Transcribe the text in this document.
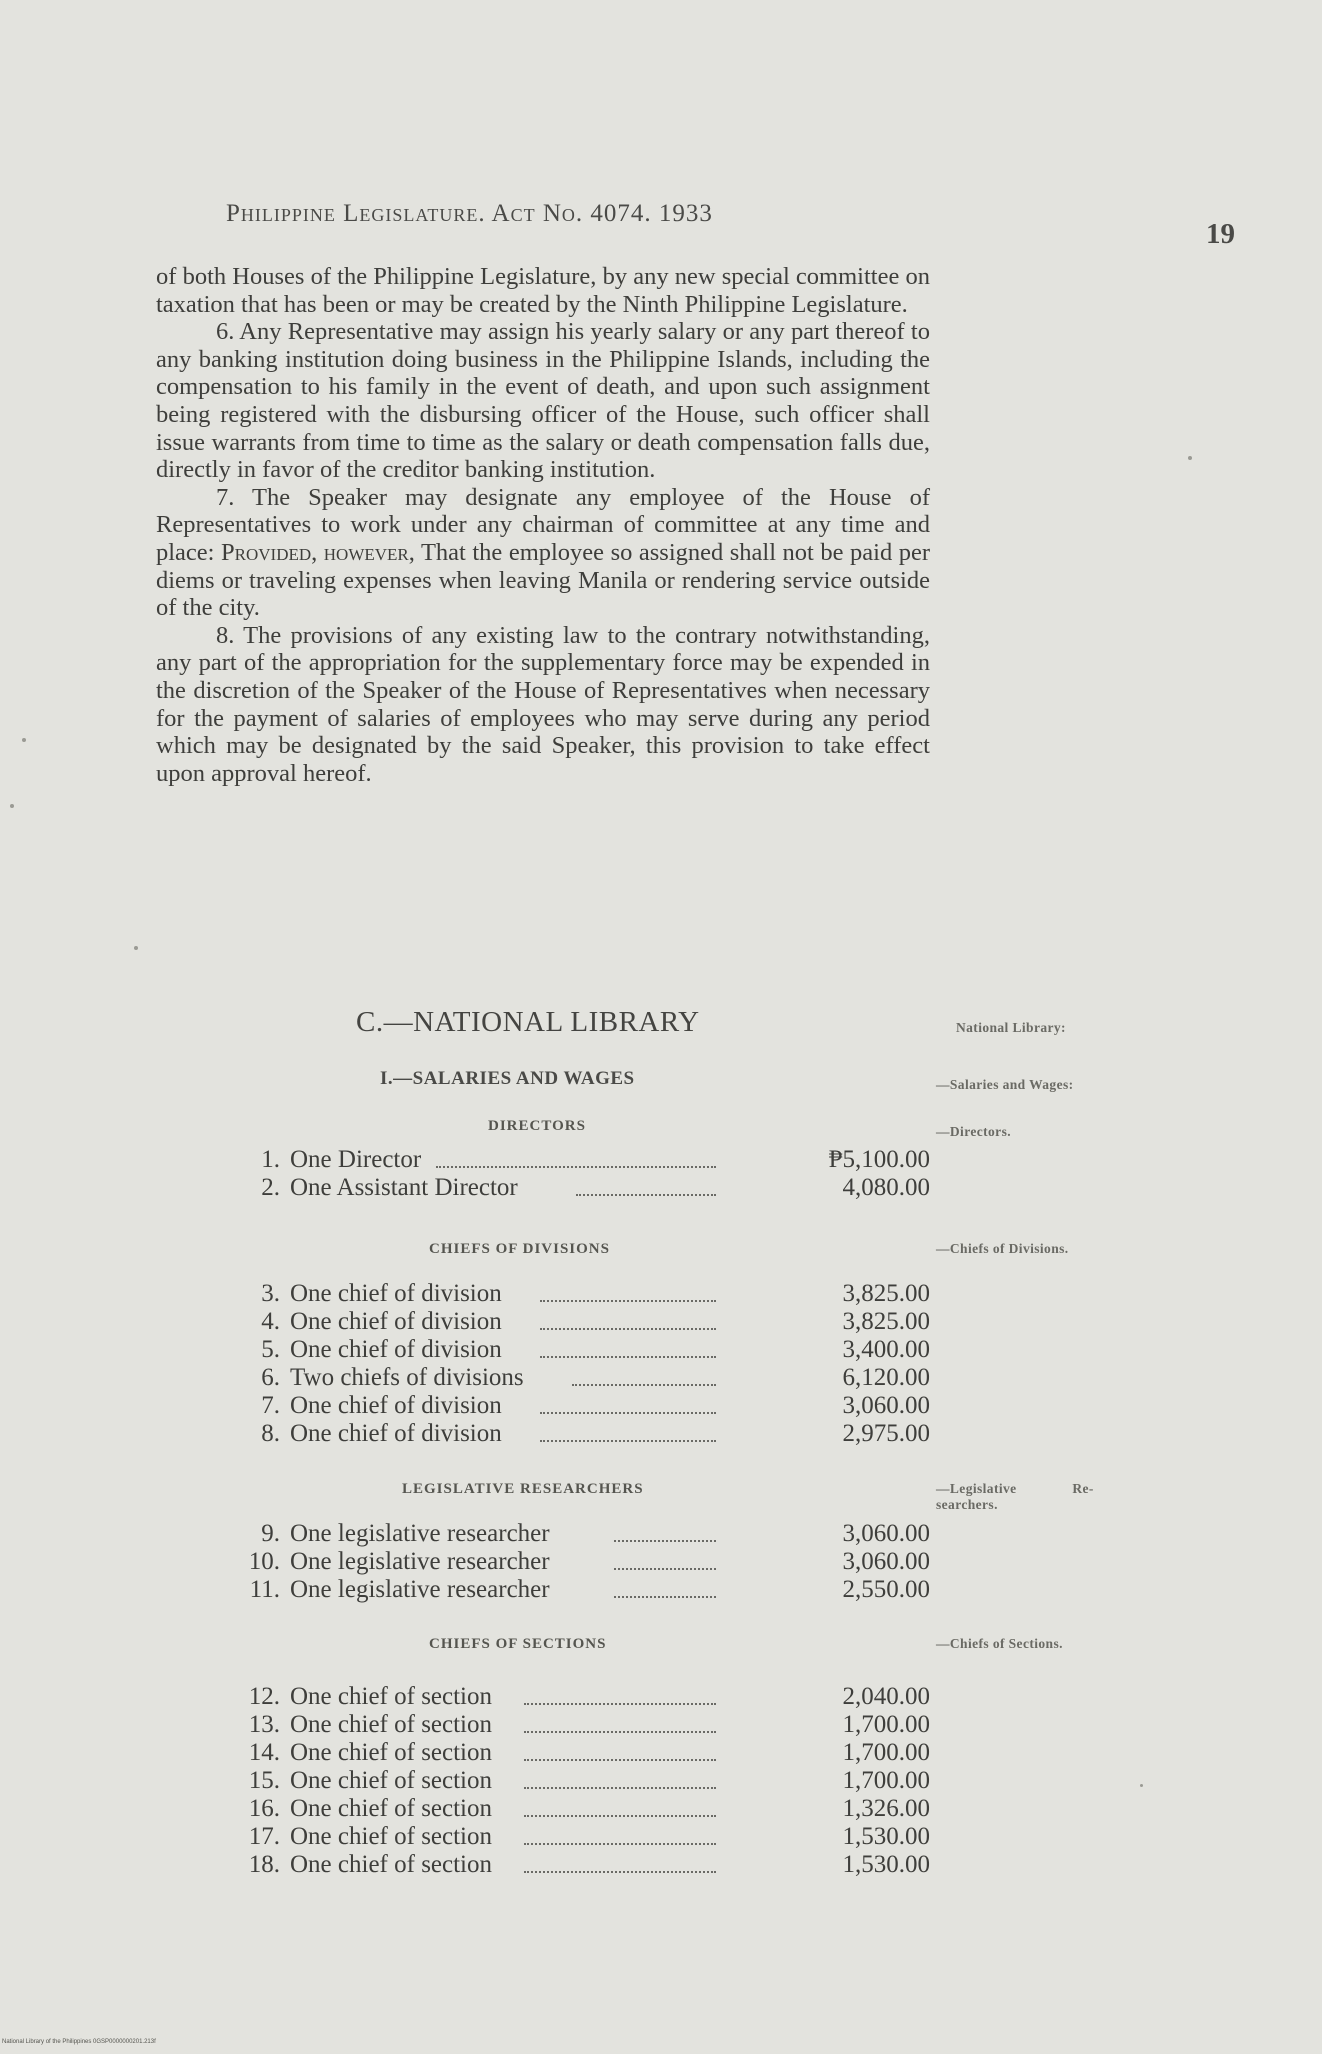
Philippine Legislature. Act No. 4074. 1933
19

of both Houses of the Philippine Legislature, by any new special committee on taxation that has been or may be created by the Ninth Philippine Legislature.

6. Any Representative may assign his yearly salary or any part thereof to any banking institution doing business in the Philippine Islands, including the compensation to his family in the event of death, and upon such assignment being registered with the disbursing officer of the House, such officer shall issue warrants from time to time as the salary or death compensation falls due, directly in favor of the creditor banking institution.

7. The Speaker may designate any employee of the House of Representatives to work under any chairman of committee at any time and place: Provided, however, That the employee so assigned shall not be paid per diems or traveling expenses when leaving Manila or rendering service outside of the city.

8. The provisions of any existing law to the contrary notwithstanding, any part of the appropriation for the supplementary force may be expended in the discretion of the Speaker of the House of Representatives when necessary for the payment of salaries of employees who may serve during any period which may be designated by the said Speaker, this provision to take effect upon approval hereof.

C.—NATIONAL LIBRARY	National Library:
I.—SALARIES AND WAGES	—Salaries and Wages:
DIRECTORS	—Directors.
1. One Director	₱5,100.00
2. One Assistant Director	4,080.00
CHIEFS OF DIVISIONS	—Chiefs of Divisions.
3. One chief of division	3,825.00
4. One chief of division	3,825.00
5. One chief of division	3,400.00
6. Two chiefs of divisions	6,120.00
7. One chief of division	3,060.00
8. One chief of division	2,975.00
LEGISLATIVE RESEARCHERS	—Legislative Re-
searchers.
9. One legislative researcher	3,060.00
10. One legislative researcher	3,060.00
11. One legislative researcher	2,550.00
CHIEFS OF SECTIONS	—Chiefs of Sections.
12. One chief of section	2,040.00
13. One chief of section	1,700.00
14. One chief of section	1,700.00
15. One chief of section	1,700.00
16. One chief of section	1,326.00
17. One chief of section	1,530.00
18. One chief of section	1,530.00
National Library of the Philippines 0GSP0000000201.213f
